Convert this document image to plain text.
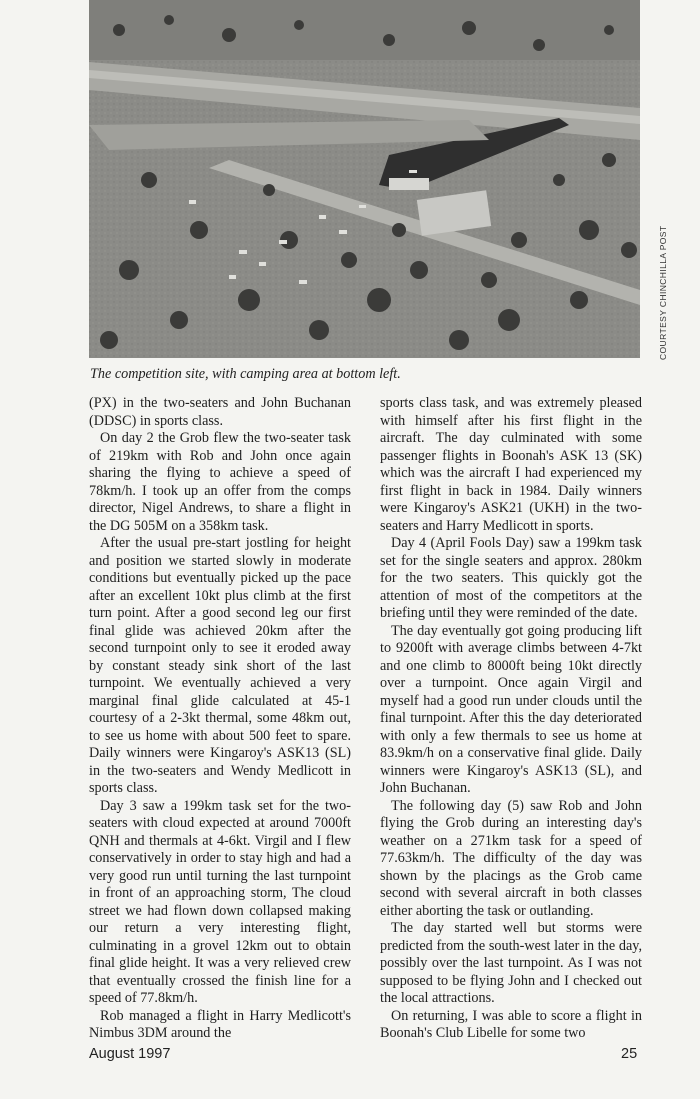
COURTESY CHINCHILLA POST
The competition site, with camping area at bottom left.

(PX) in the two-seaters and John Buchanan (DDSC) in sports class.

On day 2 the Grob flew the two-seater task of 219km with Rob and John once again sharing the flying to achieve a speed of 78km/h. I took up an offer from the comps director, Nigel Andrews, to share a flight in the DG 505M on a 358km task.

After the usual pre-start jostling for height and position we started slowly in moderate conditions but eventually picked up the pace after an excellent 10kt plus climb at the first turn point. After a good second leg our first final glide was achieved 20km after the second turnpoint only to see it eroded away by constant steady sink short of the last turnpoint. We eventually achieved a very marginal final glide calculated at 45-1 courtesy of a 2-3kt thermal, some 48km out, to see us home with about 500 feet to spare. Daily winners were Kingaroy's ASK13 (SL) in the two-seaters and Wendy Medlicott in sports class.

Day 3 saw a 199km task set for the two-seaters with cloud expected at around 7000ft QNH and thermals at 4-6kt. Virgil and I flew conservatively in order to stay high and had a very good run until turning the last turnpoint in front of an approaching storm, The cloud street we had flown down collapsed making our return a very interesting flight, culminating in a grovel 12km out to obtain final glide height. It was a very relieved crew that eventually crossed the finish line for a speed of 77.8km/h.

Rob managed a flight in Harry Medlicott's Nimbus 3DM around the

sports class task, and was extremely pleased with himself after his first flight in the aircraft. The day culminated with some passenger flights in Boonah's ASK 13 (SK) which was the aircraft I had experienced my first flight in back in 1984. Daily winners were Kingaroy's ASK21 (UKH) in the two-seaters and Harry Medlicott in sports.

Day 4 (April Fools Day) saw a 199km task set for the single seaters and approx. 280km for the two seaters. This quickly got the attention of most of the competitors at the briefing until they were reminded of the date.

The day eventually got going producing lift to 9200ft with average climbs between 4-7kt and one climb to 8000ft being 10kt directly over a turnpoint. Once again Virgil and myself had a good run under clouds until the final turnpoint. After this the day deteriorated with only a few thermals to see us home at 83.9km/h on a conservative final glide. Daily winners were Kingaroy's ASK13 (SL), and John Buchanan.

The following day (5) saw Rob and John flying the Grob during an interesting day's weather on a 271km task for a speed of 77.63km/h. The difficulty of the day was shown by the placings as the Grob came second with several aircraft in both classes either aborting the task or outlanding.

The day started well but storms were predicted from the south-west later in the day, possibly over the last turnpoint. As I was not supposed to be flying John and I checked out the local attractions.

On returning, I was able to score a flight in Boonah's Club Libelle for some two

August 1997	25
